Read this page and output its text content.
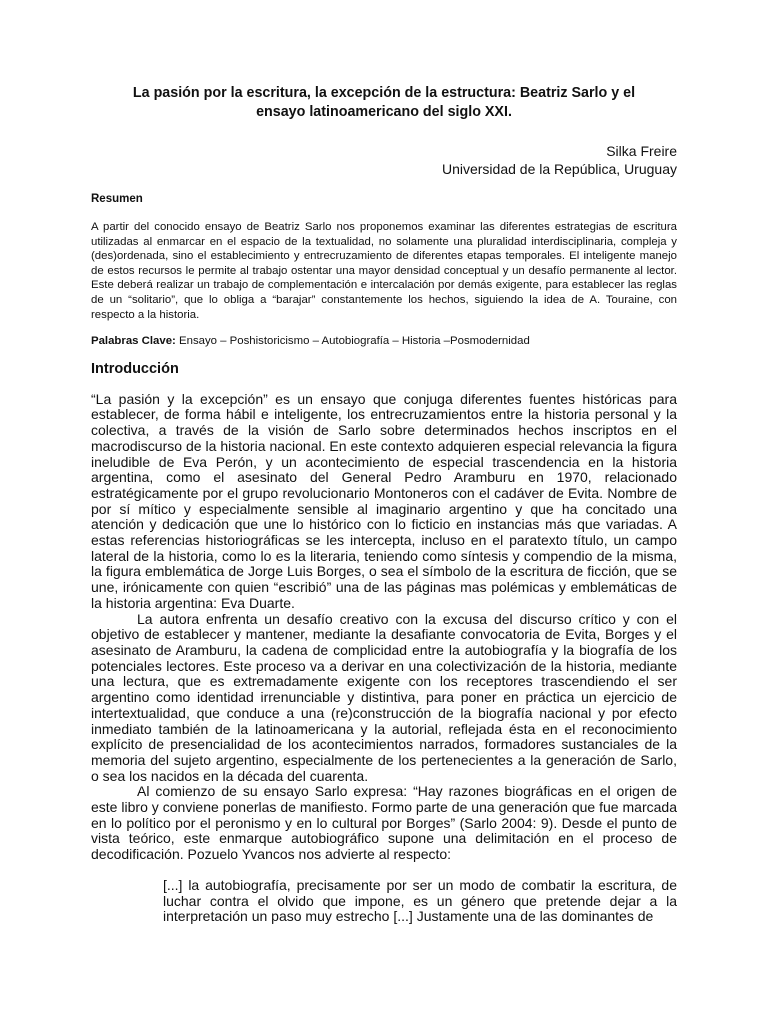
La pasión por la escritura, la excepción de la estructura: Beatriz Sarlo y el
ensayo latinoamericano del siglo XXI.
Silka Freire
Universidad de la República, Uruguay
Resumen

A partir del conocido ensayo de Beatriz Sarlo nos proponemos examinar las diferentes estrategias de escritura utilizadas al enmarcar en el espacio de la textualidad, no solamente una pluralidad interdisciplinaria, compleja y (des)ordenada, sino el establecimiento y entrecruzamiento de diferentes etapas temporales. El inteligente manejo de estos recursos le permite al trabajo ostentar una mayor densidad conceptual y un desafío permanente al lector. Este deberá realizar un trabajo de complementación e intercalación por demás exigente, para establecer las reglas de un “solitario”, que lo obliga a “barajar” constantemente los hechos, siguiendo la idea de A. Touraine, con respecto a la historia.

Palabras Clave: Ensayo – Poshistoricismo – Autobiografía – Historia –Posmodernidad

Introducción

“La pasión y la excepción” es un ensayo que conjuga diferentes fuentes históricas para establecer, de forma hábil e inteligente, los entrecruzamientos entre la historia personal y la colectiva, a través de la visión de Sarlo sobre determinados hechos inscriptos en el macrodiscurso de la historia nacional. En este contexto adquieren especial relevancia la figura ineludible de Eva Perón, y un acontecimiento de especial trascendencia en la historia argentina, como el asesinato del General Pedro Aramburu en 1970, relacionado estratégicamente por el grupo revolucionario Montoneros con el cadáver de Evita. Nombre de por sí mítico y especialmente sensible al imaginario argentino y que ha concitado una atención y dedicación que une lo histórico con lo ficticio en instancias más que variadas. A estas referencias historiográficas se les intercepta, incluso en el paratexto título, un campo lateral de la historia, como lo es la literaria, teniendo como síntesis y compendio de la misma, la figura emblemática de Jorge Luis Borges, o sea el símbolo de la escritura de ficción, que se une, irónicamente con quien “escribió” una de las páginas mas polémicas y emblemáticas de la historia argentina: Eva Duarte.

La autora enfrenta un desafío creativo con la excusa del discurso crítico y con el objetivo de establecer y mantener, mediante la desafiante convocatoria de Evita, Borges y el asesinato de Aramburu, la cadena de complicidad entre la autobiografía y la biografía de los potenciales lectores. Este proceso va a derivar en una colectivización de la historia, mediante una lectura, que es extremadamente exigente con los receptores trascendiendo el ser argentino como identidad irrenunciable y distintiva, para poner en práctica un ejercicio de intertextualidad, que conduce a una (re)construcción de la biografía nacional y por efecto inmediato también de la latinoamericana y la autorial, reflejada ésta en el reconocimiento explícito de presencialidad de los acontecimientos narrados, formadores sustanciales de la memoria del sujeto argentino, especialmente de los pertenecientes a la generación de Sarlo, o sea los nacidos en la década del cuarenta.

Al comienzo de su ensayo Sarlo expresa: “Hay razones biográficas en el origen de este libro y conviene ponerlas de manifiesto. Formo parte de una generación que fue marcada en lo político por el peronismo y en lo cultural por Borges” (Sarlo 2004: 9). Desde el punto de vista teórico, este enmarque autobiográfico supone una delimitación en el proceso de decodificación. Pozuelo Yvancos nos advierte al respecto:

[...] la autobiografía, precisamente por ser un modo de combatir la escritura, de luchar contra el olvido que impone, es un género que pretende dejar a la interpretación un paso muy estrecho [...] Justamente una de las dominantes de
